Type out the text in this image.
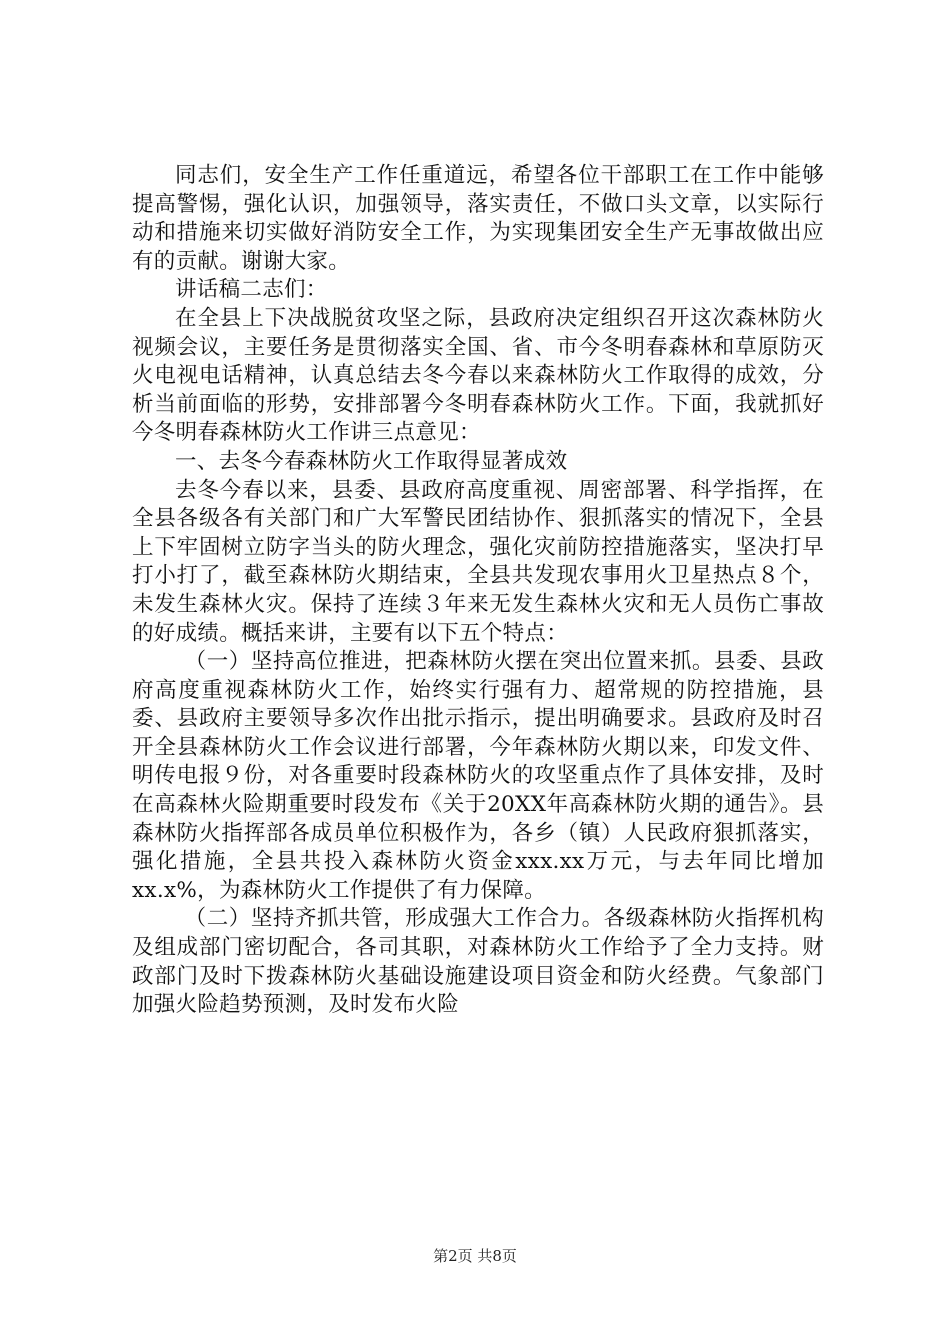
同志们，安全生产工作任重道远，希望各位干部职工在工作中能够提高警惕，强化认识，加强领导，落实责任，不做口头文章，以实际行动和措施来切实做好消防安全工作，为实现集团安全生产无事故做出应有的贡献。谢谢大家。

讲话稿二志们：

在全县上下决战脱贫攻坚之际，县政府决定组织召开这次森林防火视频会议，主要任务是贯彻落实全国、省、市今冬明春森林和草原防灭火电视电话精神，认真总结去冬今春以来森林防火工作取得的成效，分析当前面临的形势，安排部署今冬明春森林防火工作。下面，我就抓好今冬明春森林防火工作讲三点意见：

一、去冬今春森林防火工作取得显著成效

去冬今春以来，县委、县政府高度重视、周密部署、科学指挥，在全县各级各有关部门和广大军警民团结协作、狠抓落实的情况下，全县上下牢固树立防字当头的防火理念，强化灾前防控措施落实，坚决打早打小打了，截至森林防火期结束，全县共发现农事用火卫星热点８个，未发生森林火灾。保持了连续３年来无发生森林火灾和无人员伤亡事故的好成绩。概括来讲，主要有以下五个特点：

（一）坚持高位推进，把森林防火摆在突出位置来抓。县委、县政府高度重视森林防火工作，始终实行强有力、超常规的防控措施，县委、县政府主要领导多次作出批示指示，提出明确要求。县政府及时召开全县森林防火工作会议进行部署，今年森林防火期以来，印发文件、明传电报９份，对各重要时段森林防火的攻坚重点作了具体安排，及时在高森林火险期重要时段发布《关于20XX年高森林防火期的通告》。县森林防火指挥部各成员单位积极作为，各乡（镇）人民政府狠抓落实，强化措施，全县共投入森林防火资金xxx.xx万元，与去年同比增加xx.x%，为森林防火工作提供了有力保障。

（二）坚持齐抓共管，形成强大工作合力。各级森林防火指挥机构及组成部门密切配合，各司其职，对森林防火工作给予了全力支持。财政部门及时下拨森林防火基础设施建设项目资金和防火经费。气象部门加强火险趋势预测，及时发布火险

第2页 共8页
